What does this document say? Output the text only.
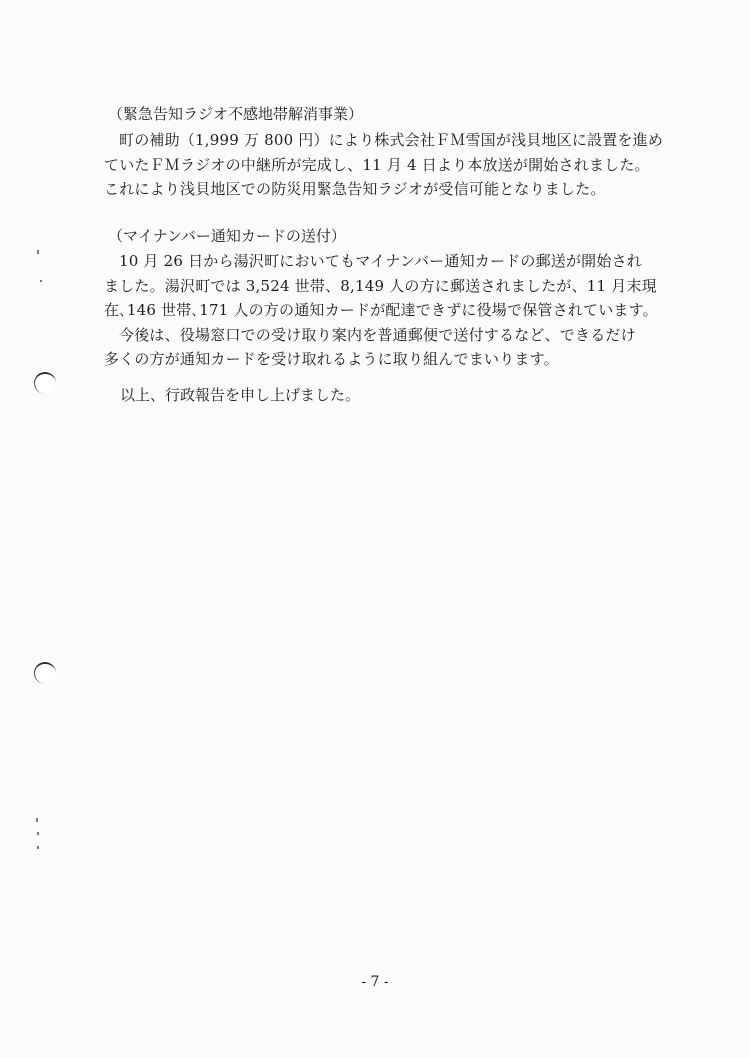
（緊急告知ラジオ不感地帯解消事業）
町の補助（1,999 万 800 円）により株式会社ＦＭ雪国が浅貝地区に設置を進め
ていたＦＭラジオの中継所が完成し、11 月 4 日より本放送が開始されました。
これにより浅貝地区での防災用緊急告知ラジオが受信可能となりました。
（マイナンバー通知カードの送付）
10 月 26 日から湯沢町においてもマイナンバー通知カードの郵送が開始され
ました。湯沢町では 3,524 世帯、8,149 人の方に郵送されましたが、11 月末現
在､146 世帯､171 人の方の通知カードが配達できずに役場で保管されています。
今後は、役場窓口での受け取り案内を普通郵便で送付するなど、できるだけ
多くの方が通知カードを受け取れるように取り組んでまいります。
以上、行政報告を申し上げました。
- 7 -
